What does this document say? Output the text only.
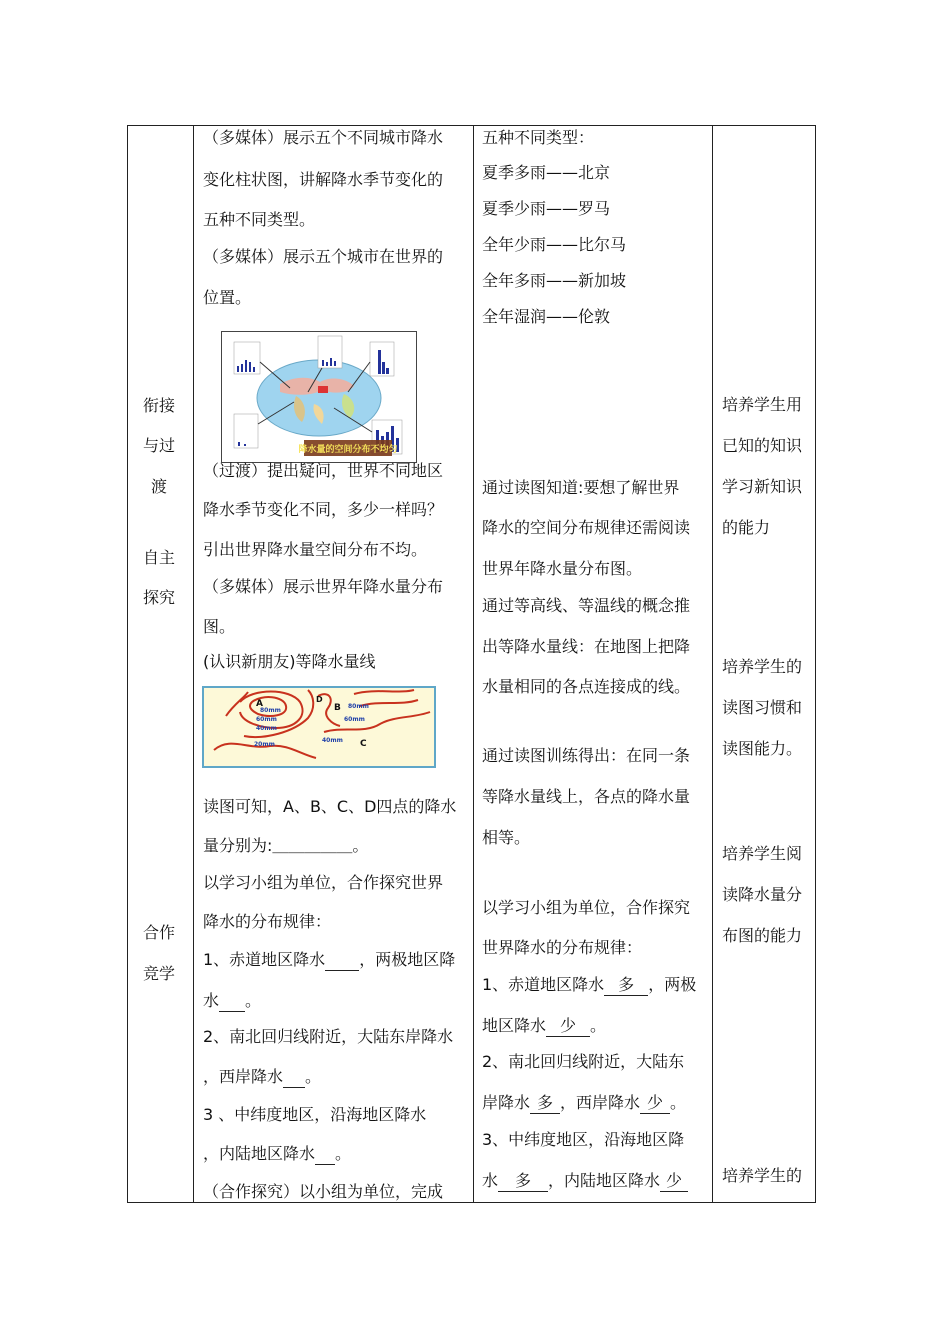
衔接
与过
渡
自主
探究
合作
竞学
（多媒体）展示五个不同城市降水
变化柱状图，讲解降水季节变化的
五种不同类型。
（多媒体）展示五个城市在世界的
位置。
降水量的空间分布不均匀
（过渡）提出疑问，世界不同地区
降水季节变化不同，多少一样吗？
引出世界降水量空间分布不均。
（多媒体）展示世界年降水量分布
图。
(认识新朋友)等降水量线
A	B
C
D
80mm
60mm
40mm
20mm
80mm
60mm
40mm
读图可知，A、B、C、D四点的降水
量分别为:＿＿＿＿＿。
以学习小组为单位，合作探究世界
降水的分布规律：
1、赤道地区降水 ，两极地区降
水 。
2、南北回归线附近，大陆东岸降水
，西岸降水 。
3 、中纬度地区，沿海地区降水
，内陆地区降水 。
（合作探究）以小组为单位，完成
五种不同类型：
夏季多雨——北京
夏季少雨——罗马
全年少雨——比尔马
全年多雨——新加坡
全年湿润——伦敦
通过读图知道:要想了解世界
降水的空间分布规律还需阅读
世界年降水量分布图。
通过等高线、等温线的概念推
出等降水量线：在地图上把降
水量相同的各点连接成的线。
通过读图训练得出：在同一条
等降水量线上，各点的降水量
相等。
以学习小组为单位，合作探究
世界降水的分布规律：
1、赤道地区降水 多 ，两极
地区降水 少 。
2、南北回归线附近，大陆东
岸降水 多 ，西岸降水 少 。
3、中纬度地区，沿海地区降
水 多 ，内陆地区降水 少
培养学生用
已知的知识
学习新知识
的能力
培养学生的
读图习惯和
读图能力。
培养学生阅
读降水量分
布图的能力
培养学生的
